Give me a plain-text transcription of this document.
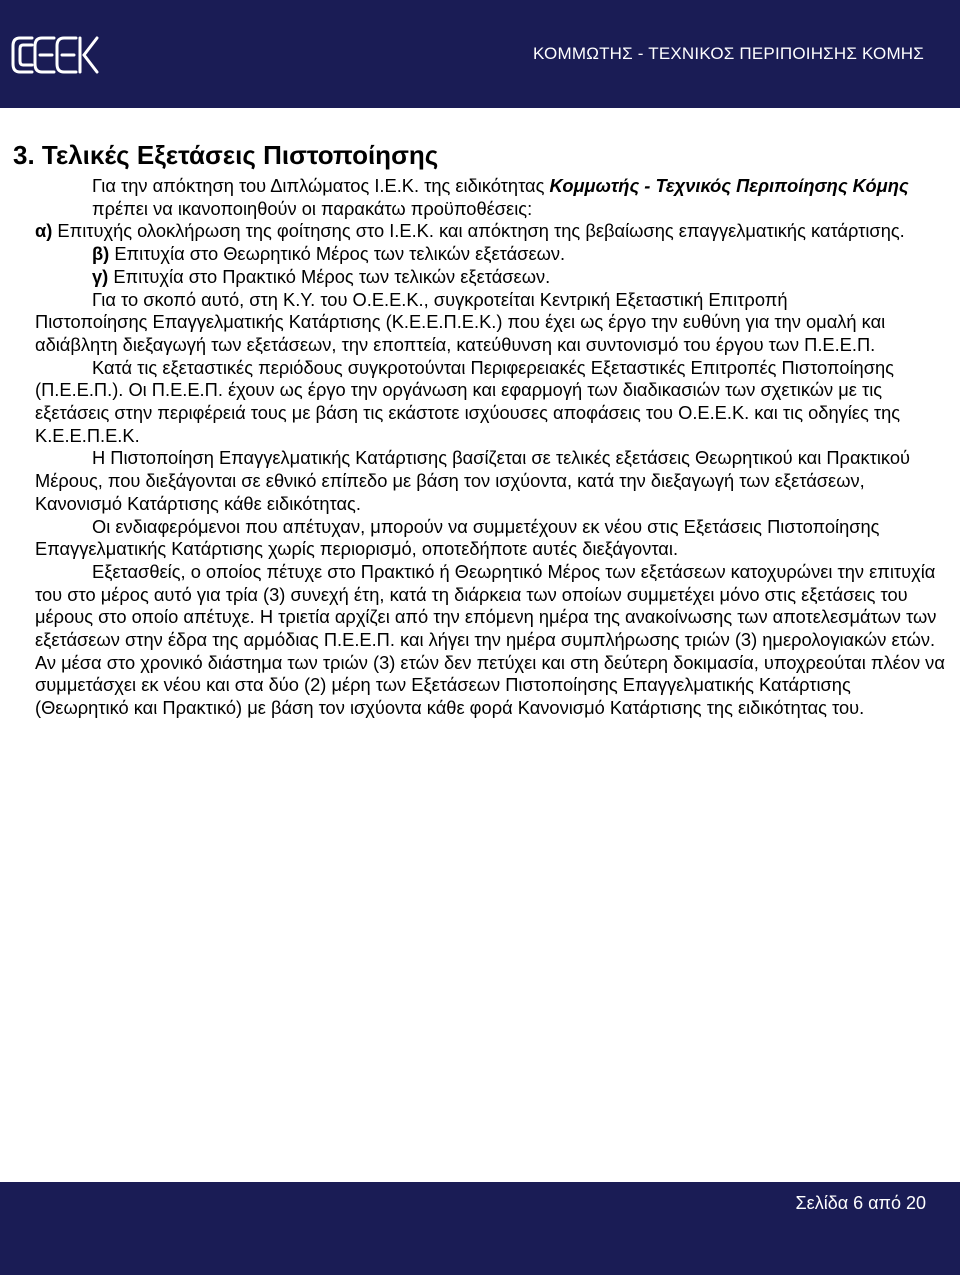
ΚΟΜΜΩΤΗΣ - ΤΕΧΝΙΚΟΣ ΠΕΡΙΠΟΙΗΣΗΣ ΚΟΜΗΣ
3. Τελικές Εξετάσεις Πιστοποίησης

Για την απόκτηση του Διπλώματος Ι.Ε.Κ. της ειδικότητας Κομμωτής - Τεχνικός Περιποίησης Κόμης πρέπει να ικανοποιηθούν οι παρακάτω προϋποθέσεις:

α) Επιτυχής ολοκλήρωση της φοίτησης στο Ι.Ε.Κ. και απόκτηση της βεβαίωσης επαγγελματικής κατάρτισης.

β) Επιτυχία στο Θεωρητικό Μέρος των τελικών εξετάσεων.

γ) Επιτυχία στο Πρακτικό Μέρος των τελικών εξετάσεων.

Για το σκοπό αυτό, στη Κ.Υ. του Ο.Ε.Ε.Κ., συγκροτείται Κεντρική Εξεταστική Επιτροπή

Πιστοποίησης Επαγγελματικής Κατάρτισης (Κ.Ε.Ε.Π.Ε.Κ.) που έχει ως έργο την ευθύνη για την ομαλή και αδιάβλητη διεξαγωγή των εξετάσεων, την εποπτεία, κατεύθυνση και συντονισμό του έργου των Π.Ε.Ε.Π.

Κατά τις εξεταστικές περιόδους συγκροτούνται Περιφερειακές Εξεταστικές Επιτροπές Πιστοποίησης (Π.Ε.Ε.Π.). Οι Π.Ε.Ε.Π. έχουν ως έργο την οργάνωση και εφαρμογή των διαδικασιών των σχετικών με τις εξετάσεις στην περιφέρειά τους με βάση τις εκάστοτε ισχύουσες αποφάσεις του Ο.Ε.Ε.Κ. και τις οδηγίες της Κ.Ε.Ε.Π.Ε.Κ.

Η Πιστοποίηση Επαγγελματικής Κατάρτισης βασίζεται σε τελικές εξετάσεις Θεωρητικού και Πρακτικού Μέρους, που διεξάγονται σε εθνικό επίπεδο με βάση τον ισχύοντα, κατά την διεξαγωγή των εξετάσεων, Κανονισμό Κατάρτισης κάθε ειδικότητας.

Οι ενδιαφερόμενοι που απέτυχαν, μπορούν να συμμετέχουν εκ νέου στις Εξετάσεις Πιστοποίησης Επαγγελματικής Κατάρτισης χωρίς περιορισμό, οποτεδήποτε αυτές διεξάγονται.

Εξετασθείς, ο οποίος πέτυχε στο Πρακτικό ή Θεωρητικό Μέρος των εξετάσεων κατοχυρώνει την επιτυχία του στο μέρος αυτό για τρία (3) συνεχή έτη, κατά τη διάρκεια των οποίων συμμετέχει μόνο στις εξετάσεις του μέρους στο οποίο απέτυχε. Η τριετία αρχίζει από την επόμενη ημέρα της ανακοίνωσης των αποτελεσμάτων των εξετάσεων στην έδρα της αρμόδιας Π.Ε.Ε.Π. και λήγει την ημέρα συμπλήρωσης τριών (3) ημερολογιακών ετών. Αν μέσα στο χρονικό διάστημα των τριών (3) ετών δεν πετύχει και στη δεύτερη δοκιμασία, υποχρεούται πλέον να συμμετάσχει εκ νέου και στα δύο (2) μέρη των Εξετάσεων Πιστοποίησης Επαγγελματικής Κατάρτισης (Θεωρητικό και Πρακτικό) με βάση τον ισχύοντα κάθε φορά Κανονισμό Κατάρτισης της ειδικότητας του.

Σελίδα 6 από 20
